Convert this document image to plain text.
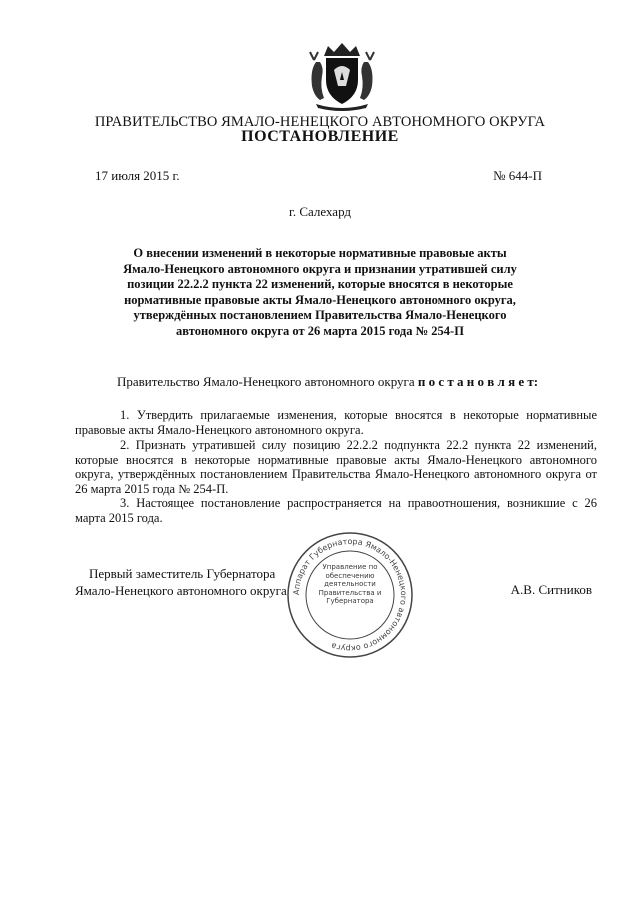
ПРАВИТЕЛЬСТВО ЯМАЛО-НЕНЕЦКОГО АВТОНОМНОГО ОКРУГА
ПОСТАНОВЛЕНИЕ
17 июля 2015 г.	№ 644-П
г. Салехард
О внесении изменений в некоторые нормативные правовые акты Ямало-Ненецкого автономного округа и признании утратившей силу позиции 22.2.2 пункта 22 изменений, которые вносятся в некоторые нормативные правовые акты Ямало-Ненецкого автономного округа, утверждённых постановлением Правительства Ямало-Ненецкого автономного округа от 26 марта 2015 года № 254-П
Правительство Ямало-Ненецкого автономного округа п о с т а н о в л я е т:

1. Утвердить прилагаемые изменения, которые вносятся в некоторые нормативные правовые акты Ямало-Ненецкого автономного округа.

2. Признать утратившей силу позицию 22.2.2 подпункта 22.2 пункта 22 изменений, которые вносятся в некоторые нормативные правовые акты Ямало-Ненецкого автономного округа, утверждённых постановлением Правительства Ямало-Ненецкого автономного округа от 26 марта 2015 года № 254-П.

3. Настоящее постановление распространяется на правоотношения, возникшие с 26 марта 2015 года.

Аппарат Губернатора Ямало-Ненецкого автономного округа
Управление по обеспечению деятельности Правительства и Губернатора
Первый заместитель Губернатора
Ямало-Ненецкого автономного округа	А.В. Ситников
